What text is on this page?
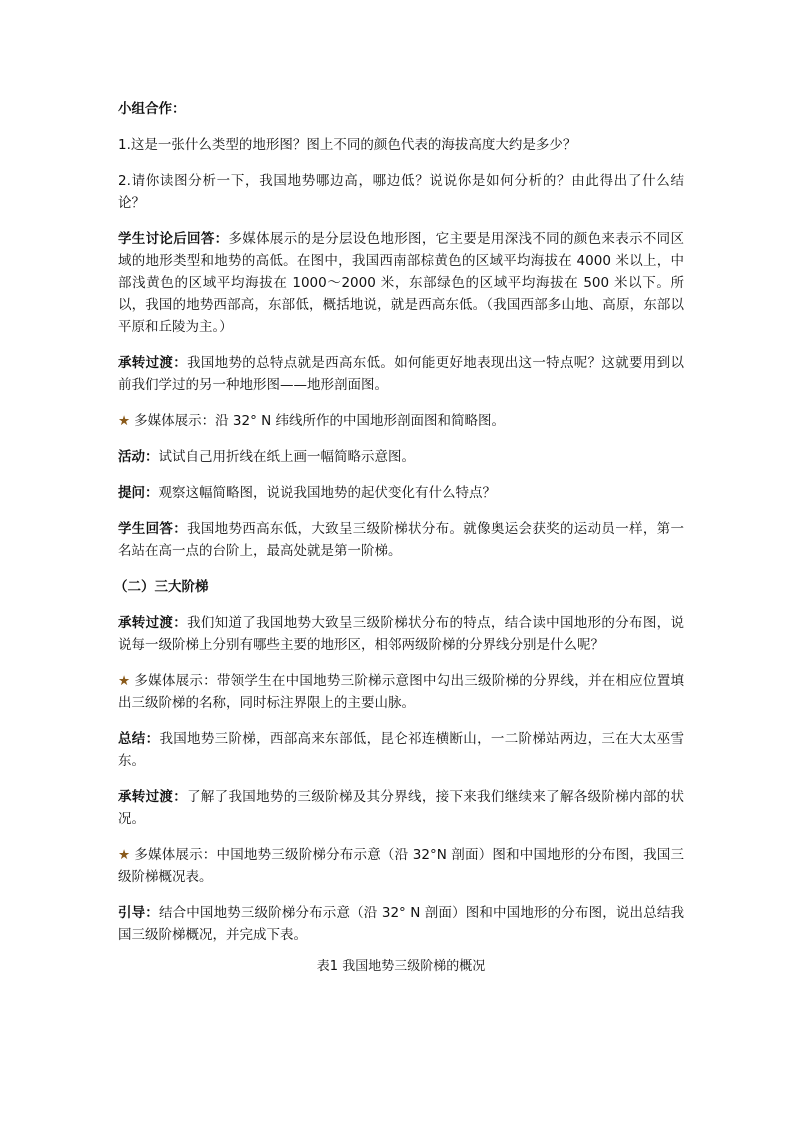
小组合作：

1.这是一张什么类型的地形图？图上不同的颜色代表的海拔高度大约是多少？

2.请你读图分析一下，我国地势哪边高，哪边低？说说你是如何分析的？由此得出了什么结论？

学生讨论后回答：多媒体展示的是分层设色地形图，它主要是用深浅不同的颜色来表示不同区域的地形类型和地势的高低。在图中，我国西南部棕黄色的区域平均海拔在 4000 米以上，中部浅黄色的区域平均海拔在 1000～2000 米，东部绿色的区域平均海拔在 500 米以下。所以，我国的地势西部高，东部低，概括地说，就是西高东低。（我国西部多山地、高原，东部以平原和丘陵为主。）

承转过渡：我国地势的总特点就是西高东低。如何能更好地表现出这一特点呢？这就要用到以前我们学过的另一种地形图——地形剖面图。

★ 多媒体展示：沿 32° N 纬线所作的中国地形剖面图和简略图。

活动：试试自己用折线在纸上画一幅简略示意图。

提问：观察这幅简略图，说说我国地势的起伏变化有什么特点？

学生回答：我国地势西高东低，大致呈三级阶梯状分布。就像奥运会获奖的运动员一样，第一名站在高一点的台阶上，最高处就是第一阶梯。

（二）三大阶梯

承转过渡：我们知道了我国地势大致呈三级阶梯状分布的特点，结合读中国地形的分布图，说说每一级阶梯上分别有哪些主要的地形区，相邻两级阶梯的分界线分别是什么呢？

★ 多媒体展示：带领学生在中国地势三阶梯示意图中勾出三级阶梯的分界线，并在相应位置填出三级阶梯的名称，同时标注界限上的主要山脉。

总结：我国地势三阶梯，西部高来东部低，昆仑祁连横断山，一二阶梯站两边，三在大太巫雪东。

承转过渡：了解了我国地势的三级阶梯及其分界线，接下来我们继续来了解各级阶梯内部的状况。

★ 多媒体展示：中国地势三级阶梯分布示意（沿 32°N 剖面）图和中国地形的分布图，我国三级阶梯概况表。

引导：结合中国地势三级阶梯分布示意（沿 32° N 剖面）图和中国地形的分布图，说出总结我国三级阶梯概况，并完成下表。

表1 我国地势三级阶梯的概况
